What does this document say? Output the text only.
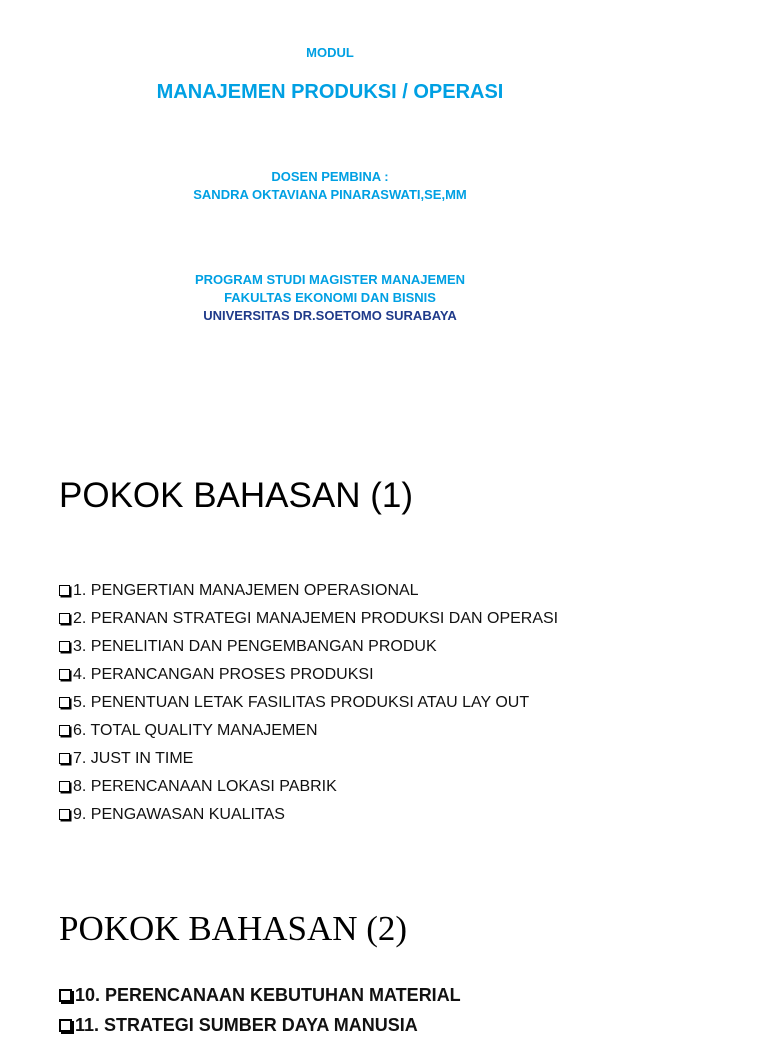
MODUL
MANAJEMEN PRODUKSI / OPERASI
DOSEN PEMBINA :
SANDRA OKTAVIANA PINARASWATI,SE,MM
PROGRAM STUDI MAGISTER MANAJEMEN
FAKULTAS EKONOMI DAN BISNIS
UNIVERSITAS DR.SOETOMO SURABAYA
POKOK BAHASAN (1)
1. PENGERTIAN MANAJEMEN OPERASIONAL
2. PERANAN STRATEGI MANAJEMEN PRODUKSI DAN OPERASI
3. PENELITIAN DAN PENGEMBANGAN PRODUK
4. PERANCANGAN PROSES PRODUKSI
5. PENENTUAN LETAK FASILITAS PRODUKSI ATAU LAY OUT
6. TOTAL QUALITY MANAJEMEN
7. JUST IN TIME
8. PERENCANAAN LOKASI PABRIK
9. PENGAWASAN KUALITAS
POKOK BAHASAN (2)
10. PERENCANAAN KEBUTUHAN MATERIAL
11. STRATEGI SUMBER DAYA MANUSIA
